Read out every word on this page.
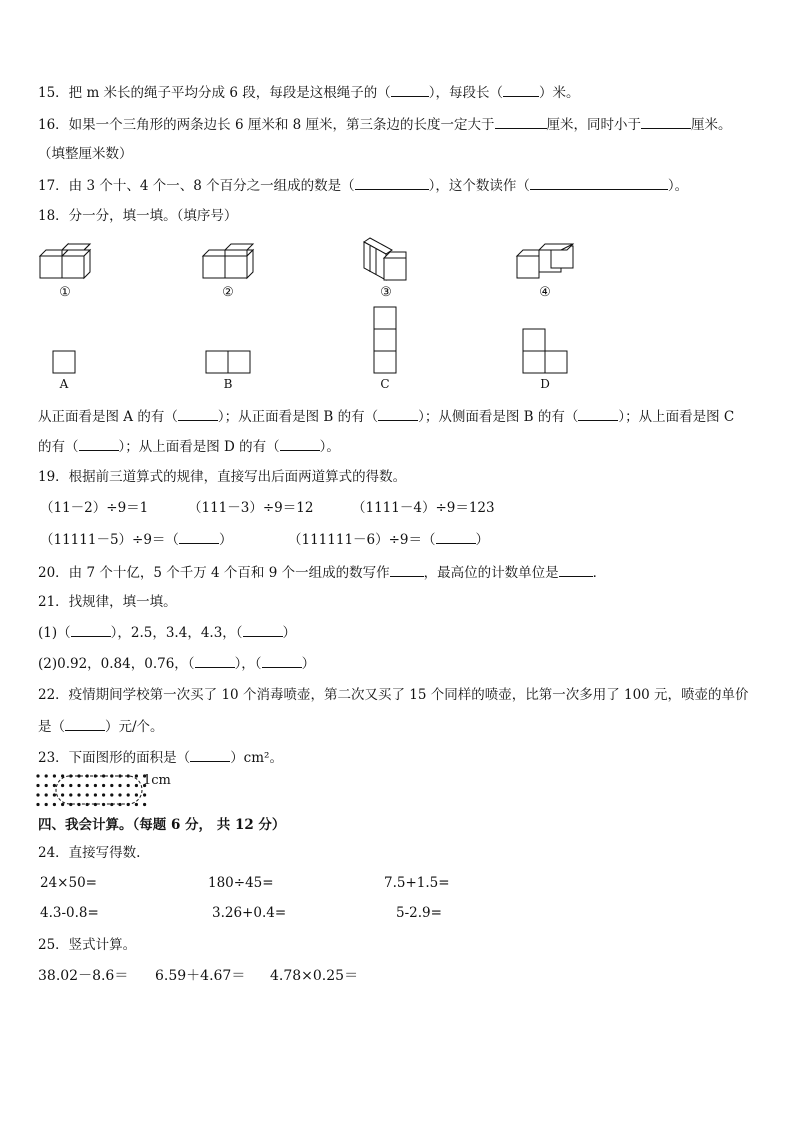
15．把 m 米长的绳子平均分成 6 段，每段是这根绳子的（	），每段长（	）米。
16．如果一个三角形的两条边长 6 厘米和 8 厘米，第三条边的长度一定大于	厘米，同时小于	厘米。
（填整厘米数）
17．由 3 个十、4 个一、8 个百分之一组成的数是（	），这个数读作（	）。
18．分一分，填一填。（填序号）
①	②	③	④
A	B	C	D
从正面看是图 A 的有（	）；从正面看是图 B 的有（	）；从侧面看是图 B 的有（	）；从上面看是图 C
的有（	）；从上面看是图 D 的有（	）。
19．根据前三道算式的规律，直接写出后面两道算式的得数。
（11－2）÷9＝1	（111－3）÷9＝12	（1111－4）÷9＝123
（11111－5）÷9＝（	）	（111111－6）÷9＝（	）
20．由 7 个十亿，5 个千万 4 个百和 9 个一组成的数写作	，最高位的计数单位是	．
21．找规律，填一填。
(1)（	），2.5，3.4，4.3，（	）
(2)0.92，0.84，0.76，（	），（	）
22．疫情期间学校第一次买了 10 个消毒喷壶，第二次又买了 15 个同样的喷壶，比第一次多用了 100 元，喷壶的单价
是（	）元/个。
23．下面图形的面积是（	）cm²。
1cm
四、我会计算。（每题 6 分， 共 12 分）
24．直接写得数.
24×50=	180÷45=	7.5+1.5=
4.3-0.8=	3.26+0.4=	5-2.9=
25．竖式计算。
38.02－8.6＝ 6.59＋4.67＝ 4.78×0.25＝
